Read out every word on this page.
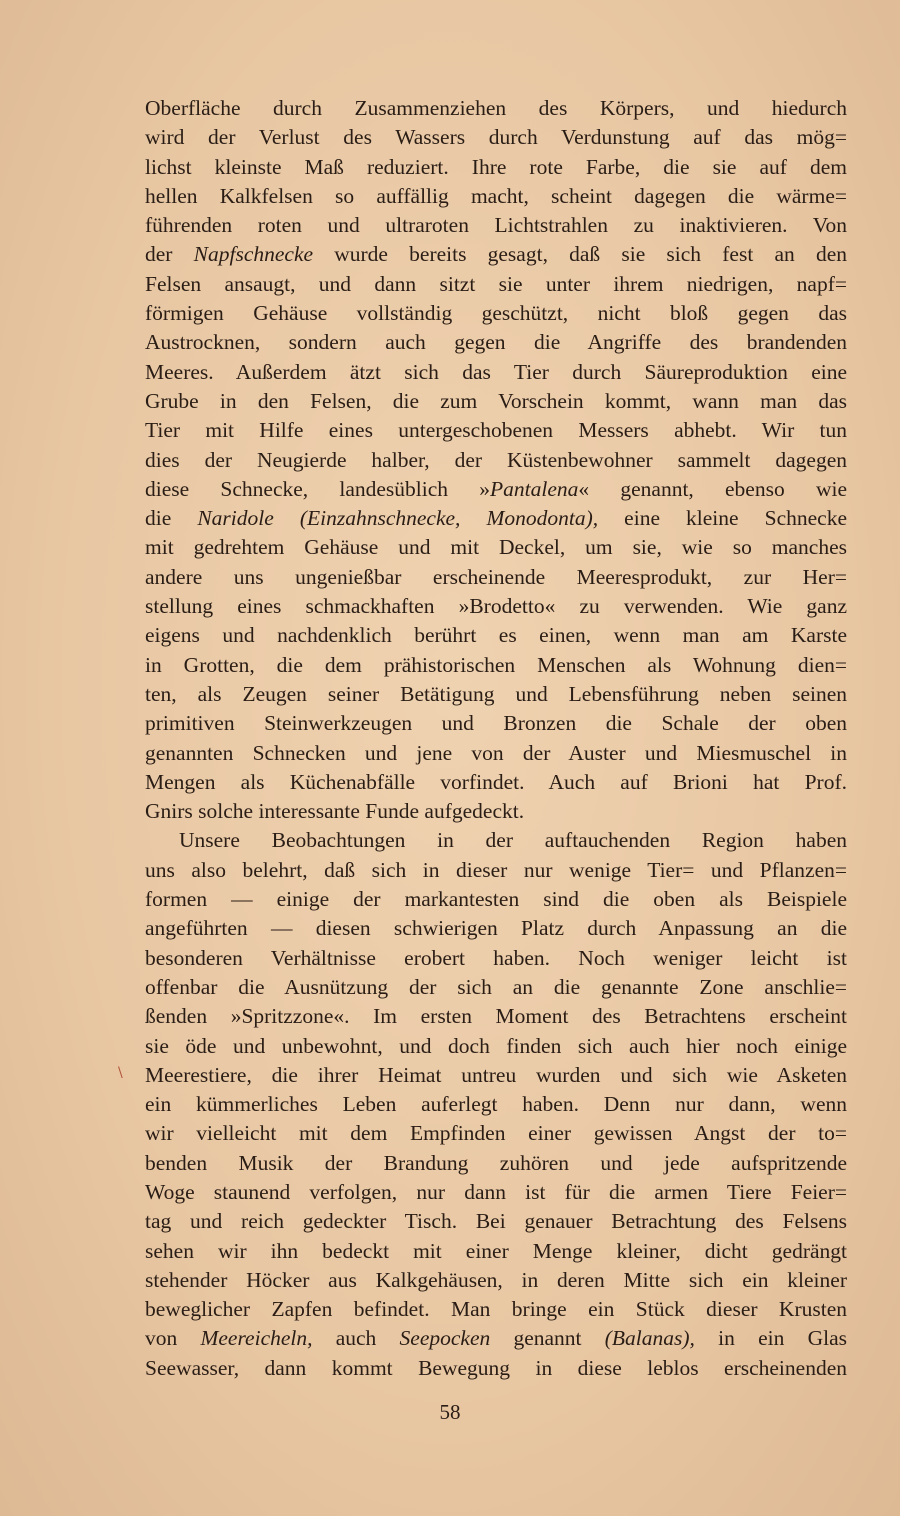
Oberfläche durch Zusammenziehen des Körpers, und hiedurch
wird der Verlust des Wassers durch Verdunstung auf das mög=
lichst kleinste Maß reduziert. Ihre rote Farbe, die sie auf dem
hellen Kalkfelsen so auffällig macht, scheint dagegen die wärme=
führenden roten und ultraroten Lichtstrahlen zu inaktivieren. Von
der Napfschnecke wurde bereits gesagt, daß sie sich fest an den
Felsen ansaugt, und dann sitzt sie unter ihrem niedrigen, napf=
förmigen Gehäuse vollständig geschützt, nicht bloß gegen das
Austrocknen, sondern auch gegen die Angriffe des brandenden
Meeres. Außerdem ätzt sich das Tier durch Säureproduktion eine
Grube in den Felsen, die zum Vorschein kommt, wann man das
Tier mit Hilfe eines untergeschobenen Messers abhebt. Wir tun
dies der Neugierde halber, der Küstenbewohner sammelt dagegen
diese Schnecke, landesüblich »Pantalena« genannt, ebenso wie
die Naridole (Einzahnschnecke, Monodonta), eine kleine Schnecke
mit gedrehtem Gehäuse und mit Deckel, um sie, wie so manches
andere uns ungenießbar erscheinende Meeresprodukt, zur Her=
stellung eines schmackhaften »Brodetto« zu verwenden. Wie ganz
eigens und nachdenklich berührt es einen, wenn man am Karste
in Grotten, die dem prähistorischen Menschen als Wohnung dien=
ten, als Zeugen seiner Betätigung und Lebensführung neben seinen
primitiven Steinwerkzeugen und Bronzen die Schale der oben
genannten Schnecken und jene von der Auster und Miesmuschel in
Mengen als Küchenabfälle vorfindet. Auch auf Brioni hat Prof.
Gnirs solche interessante Funde aufgedeckt.
Unsere Beobachtungen in der auftauchenden Region haben
uns also belehrt, daß sich in dieser nur wenige Tier= und Pflanzen=
formen — einige der markantesten sind die oben als Beispiele
angeführten — diesen schwierigen Platz durch Anpassung an die
besonderen Verhältnisse erobert haben. Noch weniger leicht ist
offenbar die Ausnützung der sich an die genannte Zone anschlie=
ßenden »Spritzzone«. Im ersten Moment des Betrachtens erscheint
sie öde und unbewohnt, und doch finden sich auch hier noch einige
Meerestiere, die ihrer Heimat untreu wurden und sich wie Asketen
ein kümmerliches Leben auferlegt haben. Denn nur dann, wenn
wir vielleicht mit dem Empfinden einer gewissen Angst der to=
benden Musik der Brandung zuhören und jede aufspritzende
Woge staunend verfolgen, nur dann ist für die armen Tiere Feier=
tag und reich gedeckter Tisch. Bei genauer Betrachtung des Felsens
sehen wir ihn bedeckt mit einer Menge kleiner, dicht gedrängt
stehender Höcker aus Kalkgehäusen, in deren Mitte sich ein kleiner
beweglicher Zapfen befindet. Man bringe ein Stück dieser Krusten
von Meereicheln, auch Seepocken genannt (Balanas), in ein Glas
Seewasser, dann kommt Bewegung in diese leblos erscheinenden
\
58
